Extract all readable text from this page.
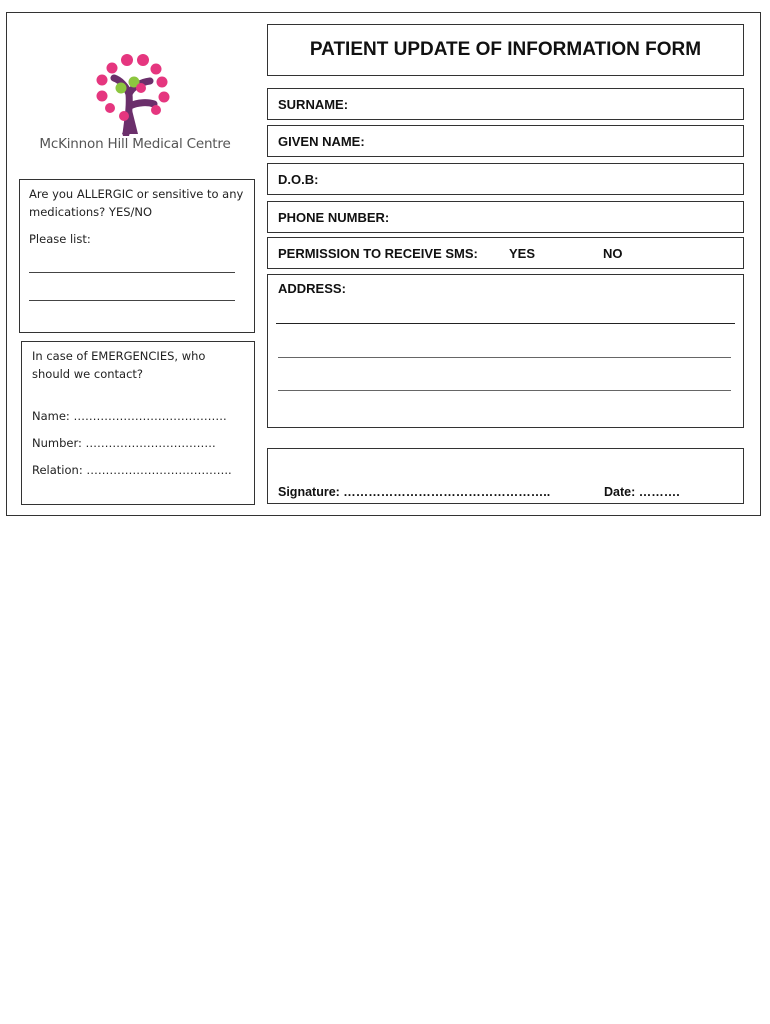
McKinnon Hill Medical Centre
PATIENT UPDATE OF INFORMATION FORM
SURNAME:
GIVEN NAME:
D.O.B:
PHONE NUMBER:
PERMISSION TO RECEIVE SMS: YES	NO
ADDRESS:
Signature: …………………………………………..	Date: ……….
Are you ALLERGIC or sensitive to any medications? YES/NO
Please list:
In case of EMERGENCIES, who should we contact?
Name: ………………………………….
Number: …………………………….
Relation: ………………………………..
